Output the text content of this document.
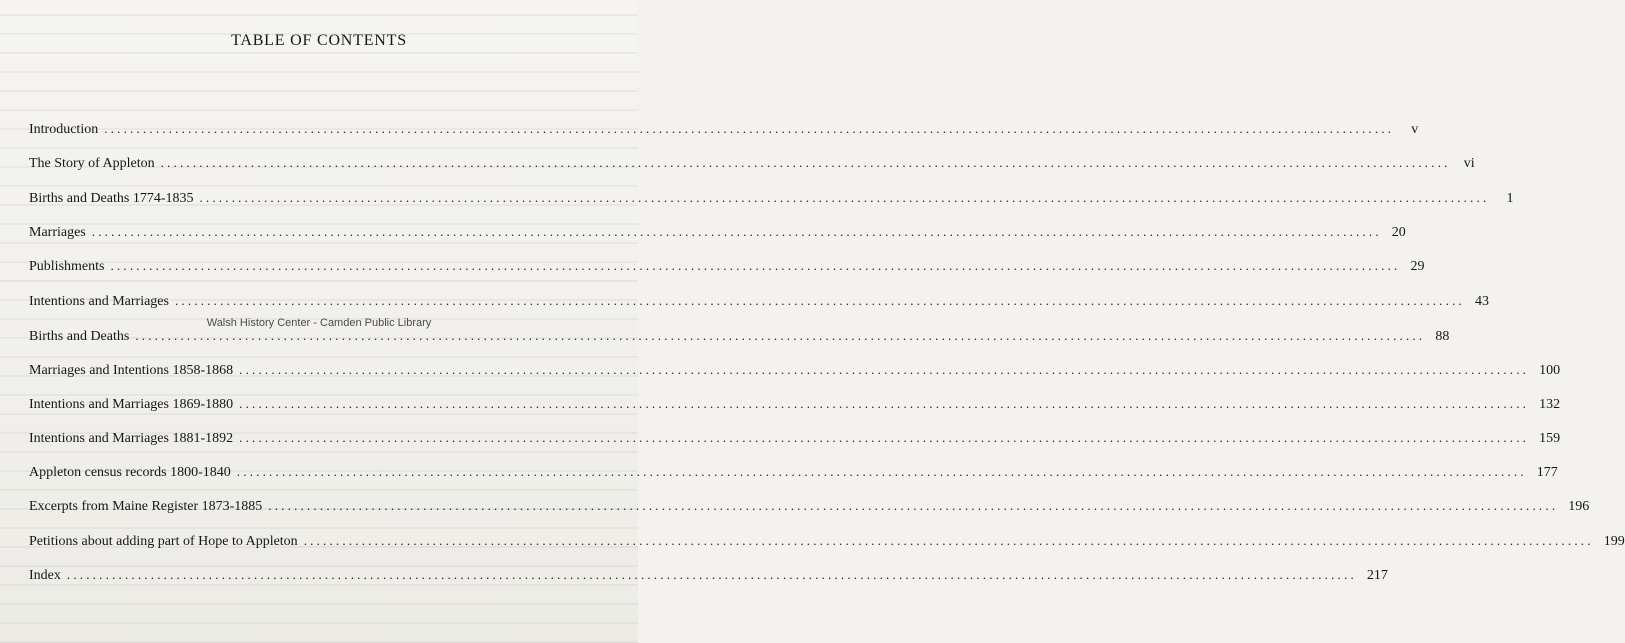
TABLE OF CONTENTS
Introduction ........................................................................................................................................................................................................	v
The Story of Appleton ........................................................................................................................................................................................................ vi
Births and Deaths 1774-1835 ........................................................................................................................................................................................................	1
Marriages ........................................................................................................................................................................................................ 20
Publishments ........................................................................................................................................................................................................ 29
Intentions and Marriages ........................................................................................................................................................................................................ 43
Walsh History Center - Camden Public Library
Births and Deaths ........................................................................................................................................................................................................ 88
Marriages and Intentions 1858-1868 ........................................................................................................................................................................................................ 100
Intentions and Marriages 1869-1880 ........................................................................................................................................................................................................ 132
Intentions and Marriages 1881-1892 ........................................................................................................................................................................................................ 159
Appleton census records 1800-1840 ........................................................................................................................................................................................................ 177
Excerpts from Maine Register 1873-1885 ........................................................................................................................................................................................................ 196
Petitions about adding part of Hope to Appleton ........................................................................................................................................................................................................ 199
Index ........................................................................................................................................................................................................ 217
